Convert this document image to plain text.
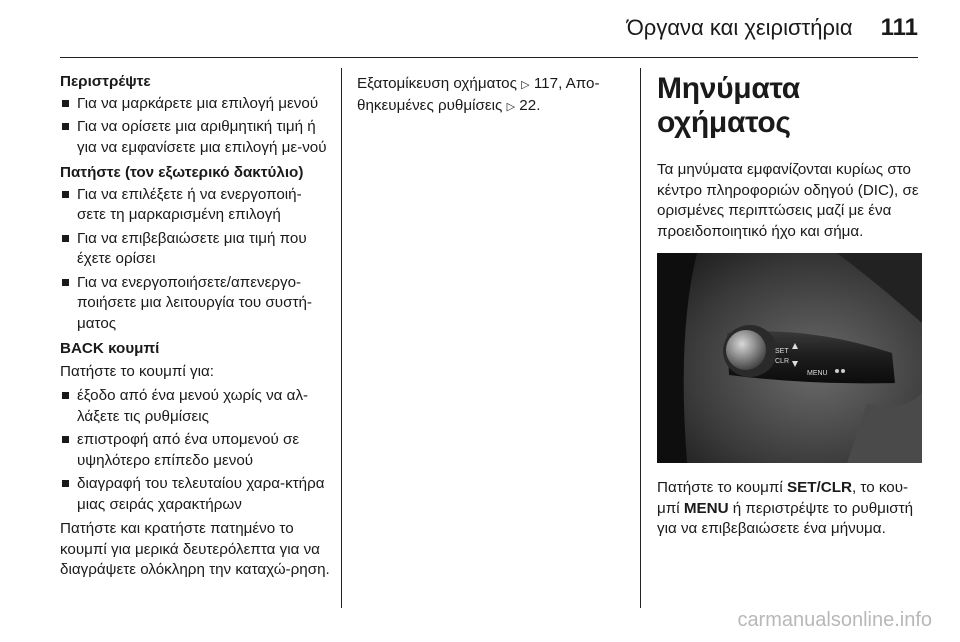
Όργανα και χειριστήρια 111
Περιστρέψτε
Για να μαρκάρετε μια επιλογή μενού
Για να ορίσετε μια αριθμητική τιμή ή για να εμφανίσετε μια επιλογή με-νού
Πατήστε (τον εξωτερικό δακτύλιο)
Για να επιλέξετε ή να ενεργοποιή-σετε τη μαρκαρισμένη επιλογή
Για να επιβεβαιώσετε μια τιμή που έχετε ορίσει
Για να ενεργοποιήσετε/απενεργο-ποιήσετε μια λειτουργία του συστή-ματος
BACK κουμπί

Πατήστε το κουμπί για:

έξοδο από ένα μενού χωρίς να αλ-λάξετε τις ρυθμίσεις
επιστροφή από ένα υπομενού σε υψηλότερο επίπεδο μενού
διαγραφή του τελευταίου χαρα-κτήρα μιας σειράς χαρακτήρων

Πατήστε και κρατήστε πατημένο το κουμπί για μερικά δευτερόλεπτα για να διαγράψετε ολόκληρη την καταχώ-ρηση.

Εξατομίκευση οχήματος ▷ 117, Απο-θηκευμένες ρυθμίσεις ▷ 22.	Μηνύματα οχήματος

Τα μηνύματα εμφανίζονται κυρίως στο κέντρο πληροφοριών οδηγού (DIC), σε ορισμένες περιπτώσεις μαζί με ένα προειδοποιητικό ήχο και σήμα.

SET
CLR
MENU

Πατήστε το κουμπί SET/CLR, το κου-μπί MENU ή περιστρέψτε το ρυθμιστή για να επιβεβαιώσετε ένα μήνυμα.

carmanualsonline.info
